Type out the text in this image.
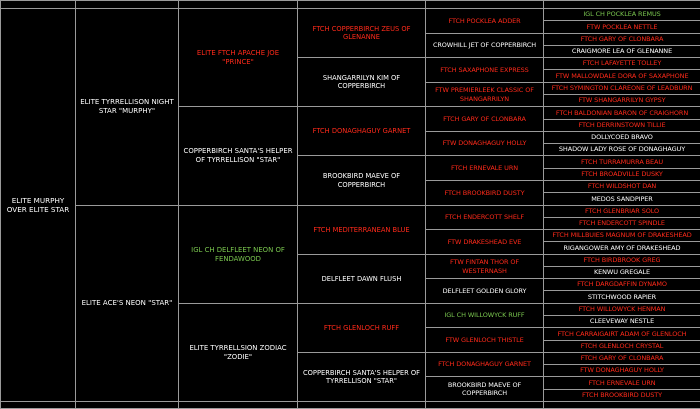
ELITE MURPHY OVER ELITE STAR
ELITE TYRRELLISON NIGHT STAR "MURPHY"
ELITE ACE'S NEON "STAR"
ELITE FTCH APACHE JOE "PRINCE"
COPPERBIRCH SANTA'S HELPER OF TYRRELLISON "STAR"
IGL CH DELFLEET NEON OF FENDAWOOD
ELITE TYRRELLSION ZODIAC "ZODIE"
FTCH COPPERBIRCH ZEUS OF GLENANNE
SHANGARRILYN KIM OF COPPERBIRCH
FTCH DONAGHAGUY GARNET
BROOKBIRD MAEVE OF COPPERBIRCH
FTCH MEDITERRANEAN BLUE
DELFLEET DAWN FLUSH
FTCH GLENLOCH RUFF
COPPERBIRCH SANTA'S HELPER OF TYRRELLISON "STAR"
FTCH POCKLEA ADDER
CROWHILL JET OF COPPERBIRCH
FTCH SAXAPHONE EXPRESS
FTW PREMIERLEEK CLASSIC OF SHANGARRILYN
FTCH GARY OF CLONBARA
FTW DONAGHAGUY HOLLY
FTCH ERNEVALE URN
FTCH BROOKBIRD DUSTY
FTCH ENDERCOTT SHELF
FTW DRAKESHEAD EVE
FTW FINTAN THOR OF WESTERNASH
DELFLEET GOLDEN GLORY
IGL CH WILLOWYCK RUFF
FTW GLENLOCH THISTLE
FTCH DONAGHAGUY GARNET
BROOKBIRD MAEVE OF COPPERBIRCH
IGL CH POCKLEA REMUS
FTW POCKLEA NETTLE
FTCH GARY OF CLONBARA
CRAIGMORE LEA OF GLENANNE
FTCH LAFAYETTE TOLLEY
FTW MALLOWDALE DORA OF SAXAPHONE
FTCH SYMINGTON CLAREONE OF LEADBURN
FTW SHANGARRILYN GYPSY
FTCH BALDONIAN BARON OF CRAIGHORN
FTCH DERRINSTOWN TILLIE
DOLLYCOED BRAVO
SHADOW LADY ROSE OF DONAGHAGUY
FTCH TURRAMURRA BEAU
FTCH BROADVILLE DUSKY
FTCH WILDSHOT DAN
MEDOS SANDPIPER
FTCH GLENBRIAR SOLO
FTCH ENDERCOTT SPINDLE
FTCH MILLBUIES MAGNUM OF DRAKESHEAD
RIGANGOWER AMY OF DRAKESHEAD
FTCH BIRDBROOK GREG
KENWU GREGALE
FTCH DARGDAFFIN DYNAMO
STITCHWOOD RAPIER
FTCH WILLOWYCK HENMAN
CLEEVEWAY NESTLE
FTCH CARRAIGAIRT ADAM OF GLENLOCH
FTCH GLENLOCH CRYSTAL
FTCH GARY OF CLONBARA
FTW DONAGHAGUY HOLLY
FTCH ERNEVALE URN
FTCH BROOKBIRD DUSTY
